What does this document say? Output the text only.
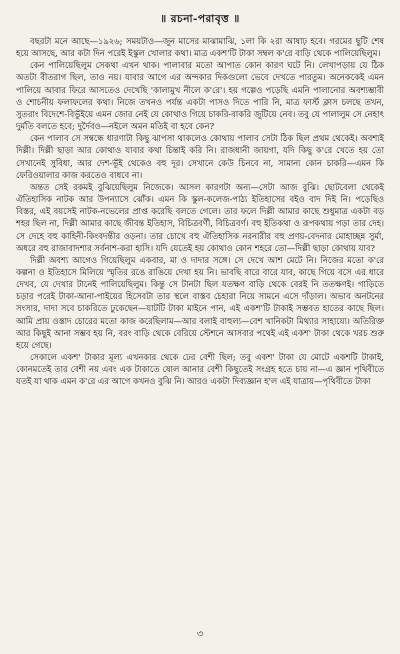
॥ রচনা-পরাবৃত্ত ॥

বছরটা মনে আছে—১৯২৬; সময়টাও—জুন মাসের মাঝামাঝি, ১লা কি ২রা আষাঢ় হবে। গরমের ছুটি শেষ হয়ে আসছে, আর কটা দিন পরেই ইস্কুল খোলার কথা। মাত্র একশ'টি টাকা সম্বল ক'রে বাড়ি থেকে পালিয়েছিলুম।

কেন পালিয়েছিলুম সেকথা এখন থাক। পালাবার মতো আপাত কোন কারণ ঘটে নি। লেখাপড়ায় যে ঠিক অতটা বীতরাগ ছিল, তাও নয়। যাবার আগে এর অন্দকার দিকগুলো ভেবে দেখতে পারতুম। অনেককেই এমন পালিয়ে আবার ফিরে আসতেও দেখেছি 'কালামুখ নীলে ক'রে'। হয় গল্পেও পড়েছি এমনি পালানোর অবশ্যম্ভাবী ও শোচনীয় ফলাফলের কথা। নিজে তখনও পর্যন্ত একটা পাসও দিতে পারি নি, মাত্র ফার্স্ট ক্লাস চলছে তখন, সুতরাং বিদেশে-বিভুঁইয়ে এমন জোর নেই যে কোথাও গিয়ে চাকরি-বাকরি জুটিয়ে নেব। তবু যে পালালুম সে নেহাৎ দুর্মতি বলতে হবে; দুর্দৈবও—নইলে অমন মতিই বা হবে কেন?

কেন পালাব সে সম্বন্ধে ধারণাটা কিছু ঝাপসা থাকলেও কোথায় পালাব সেটা ঠিক ছিল প্রথম থেকেই। অবশ্যই দিল্লী। দিল্লী ছাড়া আর কোথাও যাবার কথা চিন্তাই করি নি। রাজধানী জায়গা, যদি কিছু ক'রে খেতে হয় তো সেখানেই সুবিধা, আর দেশ-ভূঁই থেকেও বহু দূর। সেখানে কেউ চিনবে না, সামান্য কোন চাকরি—এমন কি ফেরিওয়ালার কাজ করতেও বাধবে না।

অন্তত সেই রকমই বুঝিয়েছিলুম নিজেকে। আসল কারণটা অন্য—সেটা আজ বুঝি। ছোটবেলা থেকেই ঐতিহাসিক নাটক আর উপন্যাসে ঝোঁক। এমন কি স্কুল-কলেজ-পাঠ্য ইতিহাসের বইও বাদ দিই নি। পড়েছিও বিস্তর, এই বয়সেই নাটক-নভেলের প্রাপ্ত করেছি বলতে গেলে। তার ফলে দিল্লী আমার কাছে শুধুমাত্র একটা বড় শহর ছিল না, দিল্লী আমার কাছে জীবন্ত ইতিহাস, বিচিত্রবর্ণী, বিচিত্রবর্ণ। বহু ইতিকথা ও রূপকথায় গড়া তার দেহ। সে দেহে বহু কাহিনী-কিংবদন্তীর ওড়না। তার চোখে বহু ঐতিহাসিক নরনারীর বহু প্রণয়-বেদনার মোহাচ্ছন্ন সুর্মা, অধরে বহু রাজাবাদশার সর্বনাশ-করা হাসি। যদি যেতেই হয় কোথাও কোন শহরে তো—দিল্লী ছাড়া কোথায় যাব?

দিল্লী অবশ্য আগেও গিয়েছিলুম একবার, মা ও দাদার সঙ্গে। সে দেখে আশ মেটে নি। নিজের মতো ক'রে কল্পনা ও ইতিহাসে মিলিয়ে স্মৃতির রঙে রাঙিয়ে দেখা হয় নি। ভাবছি বারে বারে যাব, কাছে গিয়ে বসে এর ধারে দেখব, যে দেখার টানেই পালিয়েছিলুম। কিন্তু সে টানটা ছিল যতক্ষণ বাড়ি থেকে বেরই নি ততক্ষণই। গাড়িতে চড়ার পরেই টাকা-আনা-পাইয়ের হিসেবটা তার স্থলে বাস্তব চেহারা নিয়ে সামনে এসে দাঁড়াল। অভাব অনটনের সংসার, দাদা সবে চাকরিতে ঢুকেছেন—যাটটি টাকা মাইনে পান, এই একশ'টি টাকাই সম্ভবত হাতের কাছে ছিল। আমি প্রায় ওস্তাদ চোরের মতো কাজ করেছিলাম—আর বলাই বাহুল্য—বেশ খানিকটা মিথ্যার সাহায্যে। অতিরিক্ত আর কিছুই আনা সম্ভব হয় নি, বরং বাড়ি থেকে বেরিয়ে স্টেশনে আসবার পথেই এই একশ' টাকা থেকে খরচ শুরু হয়ে গেছে।

সেকালে একশ' টাকার মূল্য এখনকার থেকে ঢের বেশী ছিল; তবু একশ' টাকা যে মোটে একশটি টাকাই, কোনমতেই তার বেশী নয় এবং এক টাকাতে ষোল আনার বেশী কিছুতেই সংগ্রহ হতে চায় না—এ জ্ঞান পৃথিবীতে যতই যা থাক এমন ক'রে এর আগে কখনও বুঝি নি। আরও একটা দিব্যজ্ঞান হ'ল এই যাত্রায়—পৃথিবীতে টাকা

৩
